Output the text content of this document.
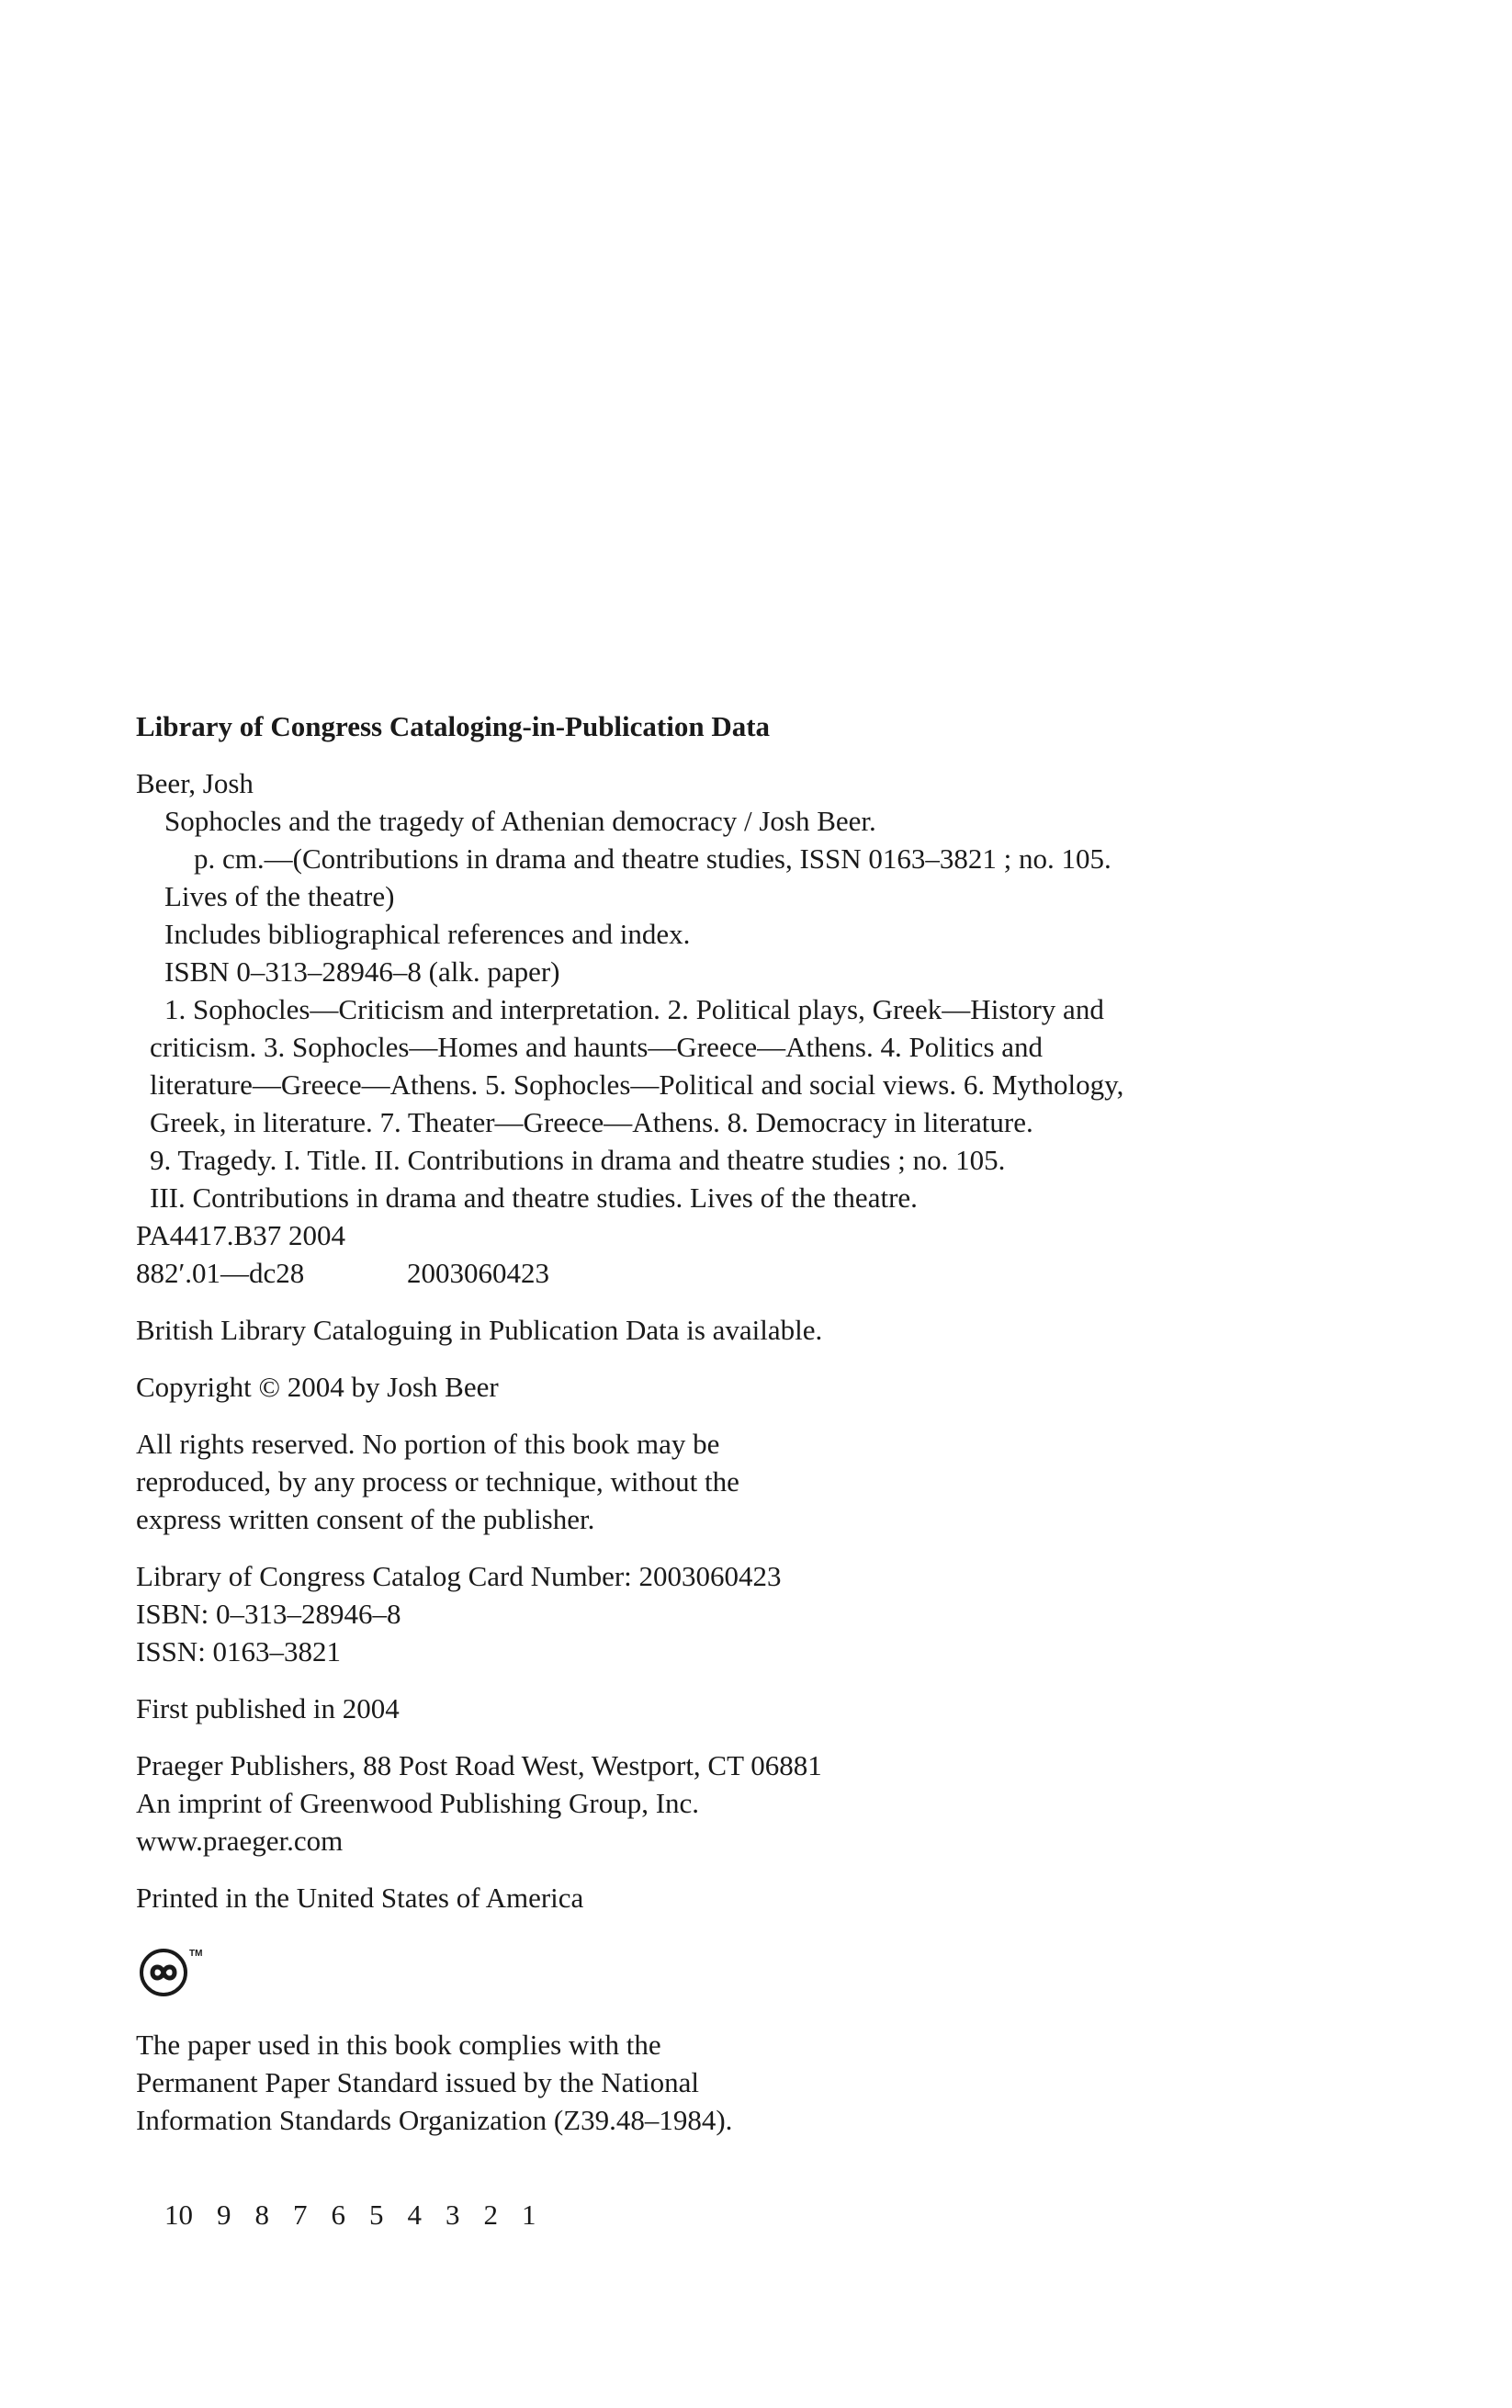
Library of Congress Cataloging-in-Publication Data

Beer, Josh

Sophocles and the tragedy of Athenian democracy / Josh Beer.

p. cm.—(Contributions in drama and theatre studies, ISSN 0163–3821 ; no. 105.

Lives of the theatre)

Includes bibliographical references and index.

ISBN 0–313–28946–8 (alk. paper)

1. Sophocles—Criticism and interpretation. 2. Political plays, Greek—History and

criticism. 3. Sophocles—Homes and haunts—Greece—Athens. 4. Politics and

literature—Greece—Athens. 5. Sophocles—Political and social views. 6. Mythology,

Greek, in literature. 7. Theater—Greece—Athens. 8. Democracy in literature.

9. Tragedy. I. Title. II. Contributions in drama and theatre studies ; no. 105.

III. Contributions in drama and theatre studies. Lives of the theatre.

PA4417.B37 2004

882′.01—dc28	2003060423

British Library Cataloguing in Publication Data is available.

Copyright © 2004 by Josh Beer

All rights reserved. No portion of this book may be

reproduced, by any process or technique, without the

express written consent of the publisher.

Library of Congress Catalog Card Number: 2003060423

ISBN: 0–313–28946–8

ISSN: 0163–3821

First published in 2004

Praeger Publishers, 88 Post Road West, Westport, CT 06881

An imprint of Greenwood Publishing Group, Inc.

www.praeger.com

Printed in the United States of America

TM

The paper used in this book complies with the

Permanent Paper Standard issued by the National

Information Standards Organization (Z39.48–1984).

10 9 8 7 6 5 4 3 2 1
